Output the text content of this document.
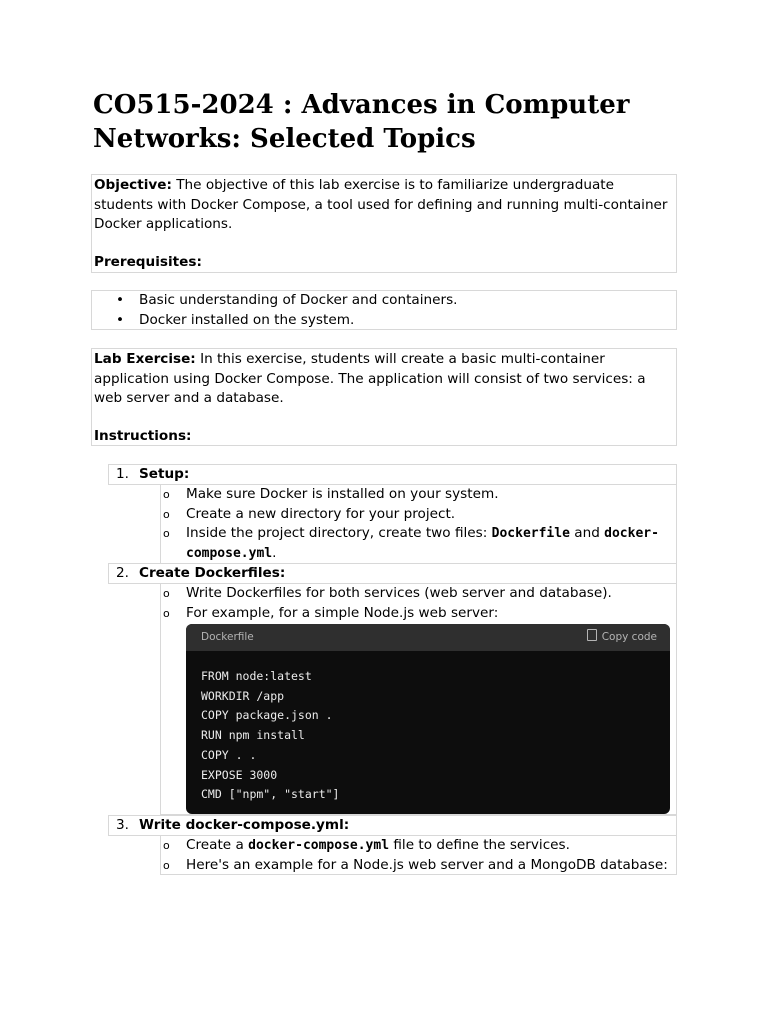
CO515-2024 : Advances in Computer Networks: Selected Topics
Objective: The objective of this lab exercise is to familiarize undergraduate students with Docker Compose, a tool used for defining and running multi-container Docker applications.
Prerequisites:
• Basic understanding of Docker and containers.
• Docker installed on the system.
Lab Exercise: In this exercise, students will create a basic multi-container application using Docker Compose. The application will consist of two services: a web server and a database.
Instructions:
1. Setup:
o Make sure Docker is installed on your system.
o Create a new directory for your project.
o Inside the project directory, create two files: Dockerfile and docker-compose.yml.
2. Create Dockerfiles:
o Write Dockerfiles for both services (web server and database).
o For example, for a simple Node.js web server:
Dockerfile	Copy code
FROM node:latest
WORKDIR /app
COPY package.json .
RUN npm install
COPY . .
EXPOSE 3000
CMD ["npm", "start"]
3. Write docker-compose.yml:
o Create a docker-compose.yml file to define the services.
o Here's an example for a Node.js web server and a MongoDB database:
